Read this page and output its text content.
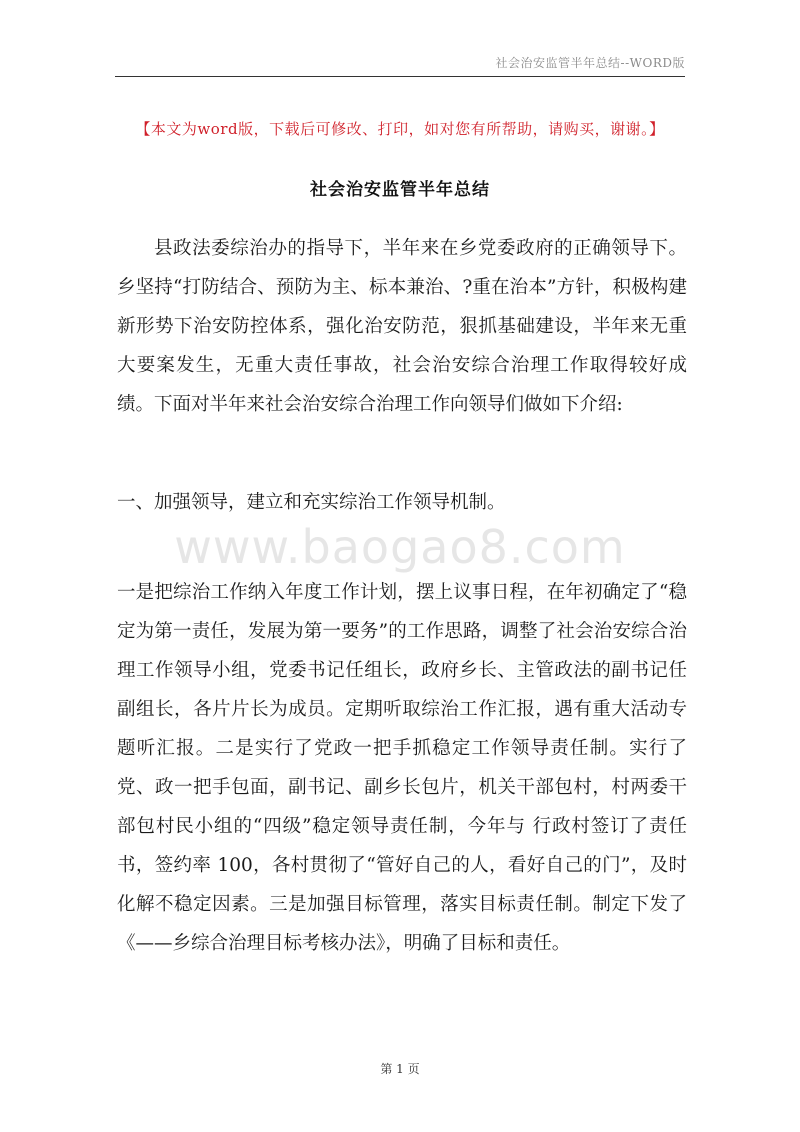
社会治安监管半年总结--WORD版
【本文为word版，下载后可修改、打印，如对您有所帮助，请购买，谢谢。】
社会治安监管半年总结
www.baogao8.com

县政法委综治办的指导下，半年来在乡党委政府的正确领导下。乡坚持“打防结合、预防为主、标本兼治、?重在治本”方针，积极构建新形势下治安防控体系，强化治安防范，狠抓基础建设，半年来无重大要案发生，无重大责任事故，社会治安综合治理工作取得较好成绩。下面对半年来社会治安综合治理工作向领导们做如下介绍:

一、加强领导，建立和充实综治工作领导机制。

一是把综治工作纳入年度工作计划，摆上议事日程，在年初确定了“稳定为第一责任，发展为第一要务”的工作思路，调整了社会治安综合治理工作领导小组，党委书记任组长，政府乡长、主管政法的副书记任副组长，各片片长为成员。定期听取综治工作汇报，遇有重大活动专题听汇报。二是实行了党政一把手抓稳定工作领导责任制。实行了党、政一把手包面，副书记、副乡长包片，机关干部包村，村两委干部包村民小组的“四级”稳定领导责任制，今年与 行政村签订了责任书，签约率 100，各村贯彻了“管好自己的人，看好自己的门”，及时化解不稳定因素。三是加强目标管理，落实目标责任制。制定下发了《——乡综合治理目标考核办法》，明确了目标和责任。

第 1 页
